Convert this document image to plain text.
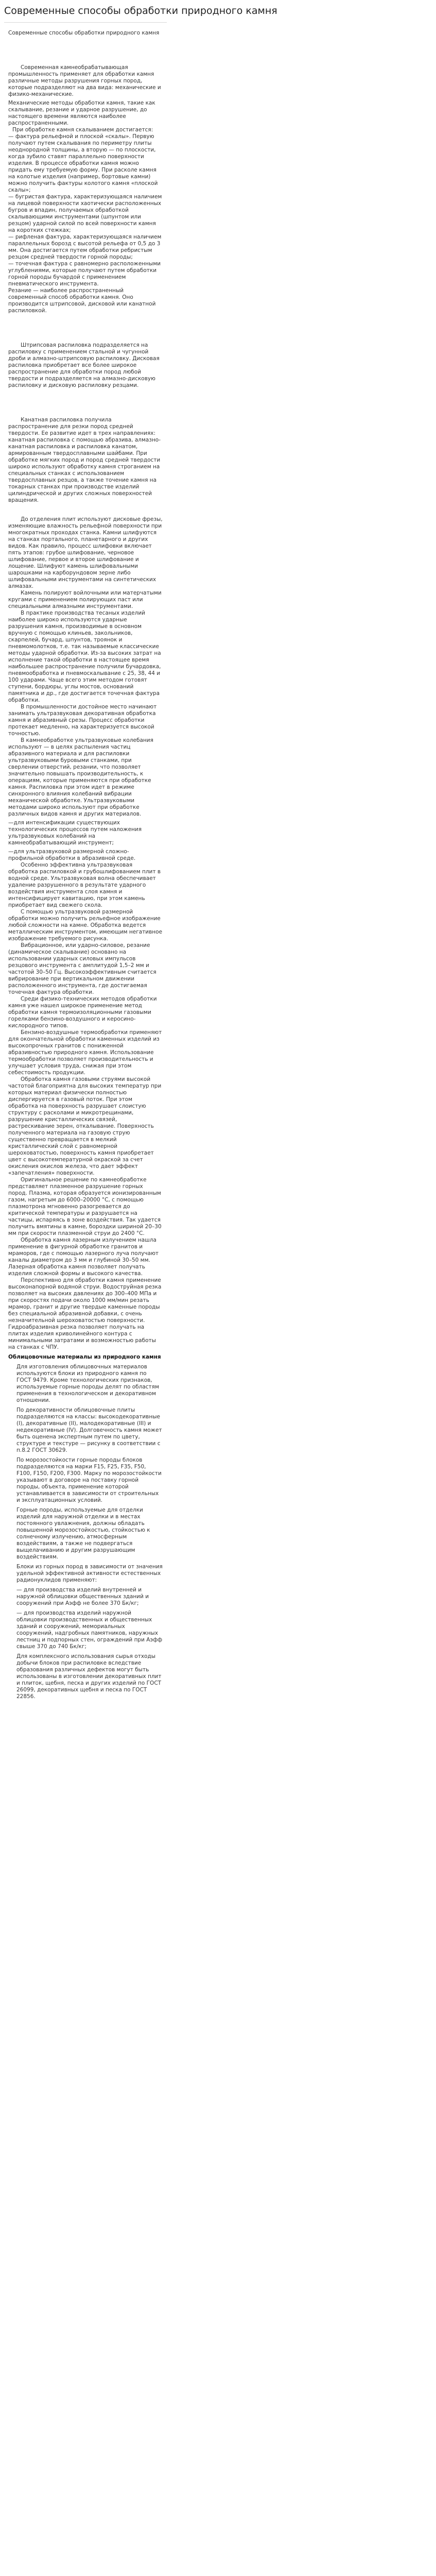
Современные способы обработки природного камня

Современные способы обработки природного камня

Современная камнеобрабатывающая промышленность применяет для обработки камня различные методы разрушения горных пород, которые подразделяют на два вида: механические и физико-механические.

Механические методы обработки камня, такие как скалывание, резание и ударное разрушение, до настоящего времени являются наиболее распространенными.

При обработке камня скалыванием достигается:

— фактура рельефной и плоской «скалы». Первую получают путем скалывания по периметру плиты неоднородной толщины, а вторую — по плоскости, когда зубило ставят параллельно поверхности изделия. В процессе обработки камня можно придать ему требуемую форму. При расколе камня на колотые изделия (например, бортовые камни) можно получить фактуры колотого камня «плоской скалы»;

— бугристая фактура, характеризующаяся наличием на лицевой поверхности хаотически расположенных бугров и впадин, получаемых обработкой скалывающими инструментами (шпунтом или резцом) ударной силой по всей поверхности камня на коротких стежках;

— рифленая фактура, характеризующаяся наличием параллельных борозд с высотой рельефа от 0,5 до 3 мм. Она достигается путем обработки ребристым резцом средней твердости горной породы;

— точечная фактура с равномерно расположенными углублениями, которые получают путем обработки горной породы бучардой с применением пневматического инструмента.

Резание — наиболее распространенный современный способ обработки камня. Оно производится штрипсовой, дисковой или канатной распиловкой.

Штрипсовая распиловка подразделяется на распиловку с применением стальной и чугунной дроби и алмазно-штрипсовую распиловку. Дисковая распиловка приобретает все более широкое распространение для обработки пород любой твердости и подразделяется на алмазно-дисковую распиловку и дисковую распиловку резцами.

Канатная распиловка получила распространение для резки пород средней твердости. Ее развитие идет в трех направлениях: канатная распиловка с помощью абразива, алмазно-канатная распиловка и распиловка канатом, армированным твердосплавными шайбами. При обработке мягких пород и пород средней твердости широко используют обработку камня строганием на специальных станках с использованием твердосплавных резцов, а также точение камня на токарных станках при производстве изделий цилиндрической и других сложных поверхностей вращения.

До отделения плит используют дисковые фрезы, изменяющие влажность рельефной поверхности при многократных проходах станка. Камни шлифуются на станках портального, планетарного и других видов. Как правило, процесс шлифовки включает пять этапов: грубое шлифование, черновое шлифование, первое и второе шлифование и лощение. Шлифуют камень шлифовальными шарошками на карборундовом зерне либо шлифовальными инструментами на синтетических алмазах.

Камень полируют войлочными или матерчатыми кругами с применением полирующих паст или специальными алмазными инструментами.

В практике производства тесаных изделий наиболее широко используются ударные разрушения камня, производимые в основном вручную с помощью клиньев, закольников, скарпелей, бучард, шпунтов, троянок и пневмомолотков, т.е. так называемые классические методы ударной обработки. Из-за высоких затрат на исполнение такой обработки в настоящее время наибольшее распространение получили бучардовка, пневмообработка и пневмоскалывание с 25, 38, 44 и 100 ударами. Чаще всего этим методом готовят ступени, бордюры, углы мостов, оснований памятника и др., где достигается точечная фактура обработки.

В промышленности достойное место начинают занимать ультразвуковая декоративная обработка камня и абразивный срезы. Процесс обработки протекает медленно, на характеризуется высокой точностью.

В камнеобработке ультразвуковые колебания используют — в целях распыления частиц абразивного материала и для распиловки ультразвуковыми буровыми станками, при сверлении отверстий, резании, что позволяет значительно повышать производительность, к операциям, которые применяются при обработке камня. Распиловка при этом идет в режиме синхронного влияния колебаний вибрации механической обработке. Ультразвуковыми методами широко используют при обработке различных видов камня и других материалов.

—для интенсификации существующих технологических процессов путем наложения ультразвуковых колебаний на камнеобрабатывающий инструмент;

—для ультразвуковой размерной сложно-профильной обработки в абразивной среде.

Особенно эффективна ультразвуковая обработка распиловкой и грубошлифованием плит в водной среде. Ультразвуковая волна обеспечивает удаление разрушенного в результате ударного воздействия инструмента слоя камня и интенсифицирует кавитацию, при этом камень приобретает вид свежего скола.

С помощью ультразвуковой размерной обработки можно получить рельефное изображение любой сложности на камне. Обработка ведется металлическим инструментом, имеющим негативное изображение требуемого рисунка.

Вибрационное, или ударно-силовое, резание (динамическое скалывание) основано на использовании ударных силовых импульсов резцового инструмента с амплитудой 1,5–2 мм и частотой 30–50 Гц. Высокоэффективным считается вибрирование при вертикальном движении расположенного инструмента, где достигаемая точечная фактура обработки.

Среди физико-технических методов обработки камня уже нашел широкое применение метод обработки камня термоизоляционными газовыми горелками бензино-воздушного и керосино-кислородного типов.

Бензино-воздушные термообработки применяют для окончательной обработки каменных изделий из высокопрочных гранитов с пониженной абразивностью природного камня. Использование термообработки позволяет производительность и улучшает условия труда, снижая при этом себестоимость продукции.

Обработка камня газовыми струями высокой частотой благоприятна для высоких температур при которых материал физически полностью диспергируется в газовый поток. При этом обработка на поверхность разрушает слоистую структуру с расколами и микротрещинами, разрушение кристаллических связей, растрескивание зерен, откалывание. Поверхность полученного материала на газовую струю существенно превращается в мелкий кристаллический слой с равномерной шероховатостью, поверхность камня приобретает цвет с высокотемпературной окраской за счет окисления окислов железа, что дает эффект «запечатления» поверхности.

Оригинальное решение по камнеобработке представляет плазменное разрушение горных пород. Плазма, которая образуется ионизированным газом, нагретым до 6000–20000 °С, с помощью плазмотрона мгновенно разогревается до критической температуры и разрушается на частицы, испаряясь в зоне воздействия. Так удается получить вмятины в камне, бороздки шириной 20–30 мм при скорости плазменной струи до 2400 °С.

Обработка камня лазерным излучением нашла применение в фигурной обработке гранитов и мраморов, где с помощью лазерного луча получают каналы диаметром до 3 мм и глубиной 30–50 мм. Лазерная обработка камня позволяет получать изделия сложной формы и высокого качества.

Перспективно для обработки камня применение высоконапорной водяной струи. Водоструйная резка позволяет на высоких давлениях до 300–400 МПа и при скоростях подачи около 1000 мм/мин резать мрамор, гранит и другие твердые каменные породы без специальной абразивной добавки, с очень незначительной шероховатостью поверхности. Гидроабразивная резка позволяет получать на плитах изделия криволинейного контура с минимальными затратами и возможностью работы на станках с ЧПУ.

Облицовочные материалы из природного камня

Для изготовления облицовочных материалов используются блоки из природного камня по ГОСТ 9479. Кроме технологических признаков, используемые горные породы делят по областям применения в технологическом и декоративном отношении.

По декоративности облицовочные плиты подразделяются на классы: высокодекоративные (I), декоративные (II), малодекоративные (III) и недекоративные (IV). Долговечность камня может быть оценена экспертным путем по цвету, структуре и текстуре — рисунку в соответствии с п.8.2 ГОСТ 30629.

По морозостойкости горные породы блоков подразделяются на марки F15, F25, F35, F50, F100, F150, F200, F300. Марку по морозостойкости указывают в договоре на поставку горной породы, объекта, применение которой устанавливается в зависимости от строительных и эксплуатационных условий.

Горные породы, используемые для отделки изделий для наружной отделки и в местах постоянного увлажнения, должны обладать повышенной морозостойкостью, стойкостью к солнечному излучению, атмосферным воздействиям, а также не подвергаться выщелачиванию и другим разрушающим воздействиям.

Блоки из горных пород в зависимости от значения удельной эффективной активности естественных радионуклидов применяют:

— для производства изделий внутренней и наружной облицовки общественных зданий и сооружений при Аэфф не более 370 Бк/кг;

— для производства изделий наружной облицовки производственных и общественных зданий и сооружений, мемориальных сооружений, надгробных памятников, наружных лестниц и подпорных стен, ограждений при Аэфф свыше 370 до 740 Бк/кг;

Для комплексного использования сырья отходы добычи блоков при распиловке вследствие образования различных дефектов могут быть использованы в изготовлении декоративных плит и плиток, щебня, песка и других изделий по ГОСТ 26099, декоративных щебня и песка по ГОСТ 22856.
